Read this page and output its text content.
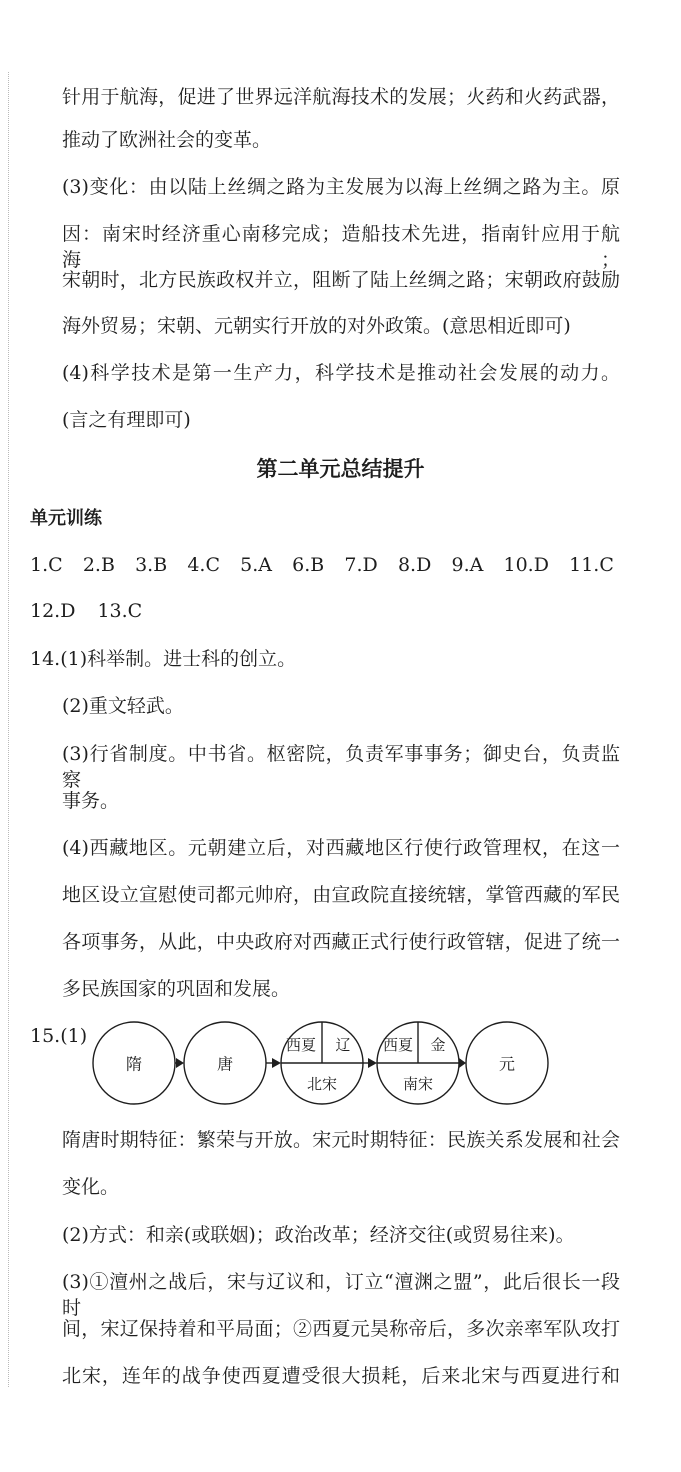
针用于航海，促进了世界远洋航海技术的发展；火药和火药武器，
推动了欧洲社会的变革。
(3)变化：由以陆上丝绸之路为主发展为以海上丝绸之路为主。原
因：南宋时经济重心南移完成；造船技术先进，指南针应用于航海；
宋朝时，北方民族政权并立，阻断了陆上丝绸之路；宋朝政府鼓励
海外贸易；宋朝、元朝实行开放的对外政策。(意思相近即可)
(4)科学技术是第一生产力，科学技术是推动社会发展的动力。
(言之有理即可)
第二单元总结提升
单元训练
1.C 2.B 3.B 4.C 5.A 6.B 7.D 8.D 9.A 10.D 11.C
12.D 13.C
14.(1)科举制。进士科的创立。
(2)重文轻武。
(3)行省制度。中书省。枢密院，负责军事事务；御史台，负责监察
事务。
(4)西藏地区。元朝建立后，对西藏地区行使行政管理权，在这一
地区设立宣慰使司都元帅府，由宣政院直接统辖，掌管西藏的军民
各项事务，从此，中央政府对西藏正式行使行政管辖，促进了统一
多民族国家的巩固和发展。
15.(1)
隋	唐
西夏 辽
北宋
西夏 金
南宋
元
隋唐时期特征：繁荣与开放。宋元时期特征：民族关系发展和社会
变化。
(2)方式：和亲(或联姻)；政治改革；经济交往(或贸易往来)。
(3)①澶州之战后，宋与辽议和，订立“澶渊之盟”，此后很长一段时
间，宋辽保持着和平局面；②西夏元昊称帝后，多次亲率军队攻打
北宋，连年的战争使西夏遭受很大损耗，后来北宋与西夏进行和
